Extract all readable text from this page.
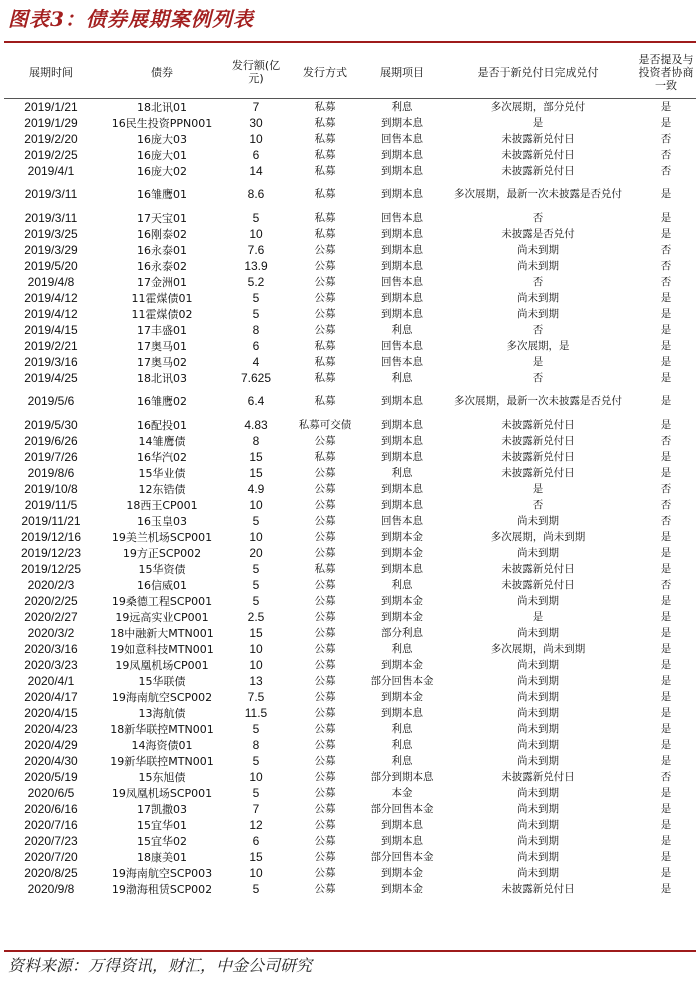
图表3：债券展期案例列表
展期时间	债券	发行额(亿元)	发行方式	展期项目	是否于新兑付日完成兑付	是否提及与投资者协商一致
2019/1/21	18北讯01	7	私募	利息	多次展期，部分兑付	是
2019/1/29	16民生投资PPN001	30	私募	到期本息	是	是
2019/2/20	16庞大03	10	私募	回售本息	未披露新兑付日	否
2019/2/25	16庞大01	6	私募	到期本息	未披露新兑付日	否
2019/4/1	16庞大02	14	私募	到期本息	未披露新兑付日	否
2019/3/11	16雏鹰01	8.6	私募	到期本息	多次展期，最新一次未披露是否兑付	是
2019/3/11	17天宝01	5	私募	回售本息	否	是
2019/3/25	16刚泰02	10	私募	到期本息	未披露是否兑付	是
2019/3/29	16永泰01	7.6	公募	到期本息	尚未到期	否
2019/5/20	16永泰02	13.9	公募	到期本息	尚未到期	否
2019/4/8	17金洲01	5.2	公募	回售本息	否	否
2019/4/12	11霍煤债01	5	公募	到期本息	尚未到期	是
2019/4/12	11霍煤债02	5	公募	到期本息	尚未到期	是
2019/4/15	17丰盛01	8	公募	利息	否	是
2019/2/21	17奥马01	6	私募	回售本息	多次展期，是	是
2019/3/16	17奥马02	4	私募	回售本息	是	是
2019/4/25	18北讯03	7.625	私募	利息	否	是
2019/5/6	16雏鹰02	6.4	私募	到期本息	多次展期，最新一次未披露是否兑付	是
2019/5/30	16配投01	4.83	私募可交债	到期本息	未披露新兑付日	是
2019/6/26	14雏鹰债	8	公募	到期本息	未披露新兑付日	否
2019/7/26	16华汽02	15	私募	到期本息	未披露新兑付日	是
2019/8/6	15华业债	15	公募	利息	未披露新兑付日	是
2019/10/8	12东锆债	4.9	公募	到期本息	是	否
2019/11/5	18西王CP001	10	公募	到期本息	否	否
2019/11/21	16玉皇03	5	公募	回售本息	尚未到期	否
2019/12/16	19美兰机场SCP001	10	公募	到期本金	多次展期，尚未到期	是
2019/12/23	19方正SCP002	20	公募	到期本金	尚未到期	是
2019/12/25	15华资债	5	私募	到期本息	未披露新兑付日	是
2020/2/3	16信威01	5	公募	利息	未披露新兑付日	否
2020/2/25	19桑德工程SCP001	5	公募	到期本金	尚未到期	是
2020/2/27	19远高实业CP001	2.5	公募	到期本金	是	是
2020/3/2	18中融新大MTN001	15	公募	部分利息	尚未到期	是
2020/3/16	19如意科技MTN001	10	公募	利息	多次展期，尚未到期	是
2020/3/23	19凤凰机场CP001	10	公募	到期本金	尚未到期	是
2020/4/1	15华联债	13	公募	部分回售本金	尚未到期	是
2020/4/17	19海南航空SCP002	7.5	公募	到期本金	尚未到期	是
2020/4/15	13海航债	11.5	公募	到期本息	尚未到期	是
2020/4/23	18新华联控MTN001	5	公募	利息	尚未到期	是
2020/4/29	14海资债01	8	公募	利息	尚未到期	是
2020/4/30	19新华联控MTN001	5	公募	利息	尚未到期	是
2020/5/19	15东旭债	10	公募	部分到期本息	未披露新兑付日	否
2020/6/5	19凤凰机场SCP001	5	公募	本金	尚未到期	是
2020/6/16	17凯撒03	7	公募	部分回售本金	尚未到期	是
2020/7/16	15宜华01	12	公募	到期本息	尚未到期	是
2020/7/23	15宜华02	6	公募	到期本息	尚未到期	是
2020/7/20	18康美01	15	公募	部分回售本金	尚未到期	是
2020/8/25	19海南航空SCP003	10	公募	到期本金	尚未到期	是
2020/9/8	19渤海租赁SCP002	5	公募	到期本金	未披露新兑付日	是
资料来源：万得资讯，财汇，中金公司研究
